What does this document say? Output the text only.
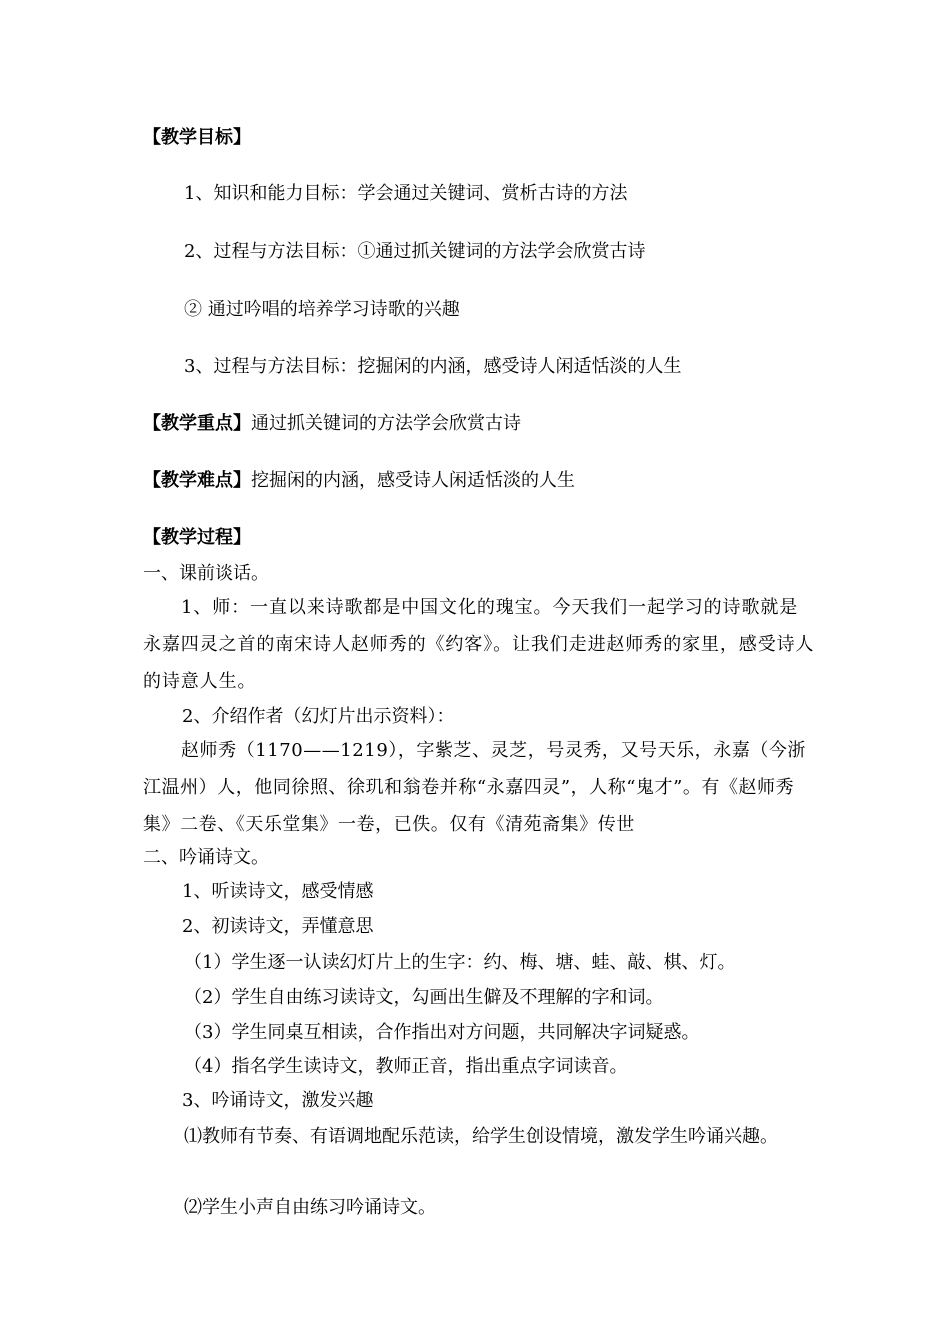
【教学目标】
1、知识和能力目标：学会通过关键词、赏析古诗的方法
2、过程与方法目标：①通过抓关键词的方法学会欣赏古诗
② 通过吟唱的培养学习诗歌的兴趣
3、过程与方法目标：挖掘闲的内涵，感受诗人闲适恬淡的人生
【教学重点】通过抓关键词的方法学会欣赏古诗
【教学难点】挖掘闲的内涵，感受诗人闲适恬淡的人生
【教学过程】
一、课前谈话。
1、师：一直以来诗歌都是中国文化的瑰宝。今天我们一起学习的诗歌就是永嘉四灵之首的南宋诗人赵师秀的《约客》。让我们走进赵师秀的家里，感受诗人的诗意人生。
2、介绍作者（幻灯片出示资料）：
赵师秀（1170——1219），字紫芝、灵芝，号灵秀，又号天乐，永嘉（今浙江温州）人，他同徐照、徐玑和翁卷并称“永嘉四灵”，人称“鬼才”。有《赵师秀集》二卷、《天乐堂集》一卷，已佚。仅有《清苑斋集》传世
二、吟诵诗文。
1、听读诗文，感受情感
2、初读诗文，弄懂意思
（1）学生逐一认读幻灯片上的生字：约、梅、塘、蛙、敲、棋、灯。
（2）学生自由练习读诗文，勾画出生僻及不理解的字和词。
（3）学生同桌互相读，合作指出对方问题，共同解决字词疑惑。
（4）指名学生读诗文，教师正音，指出重点字词读音。
3、吟诵诗文，激发兴趣
⑴教师有节奏、有语调地配乐范读，给学生创设情境，激发学生吟诵兴趣。
⑵学生小声自由练习吟诵诗文。
